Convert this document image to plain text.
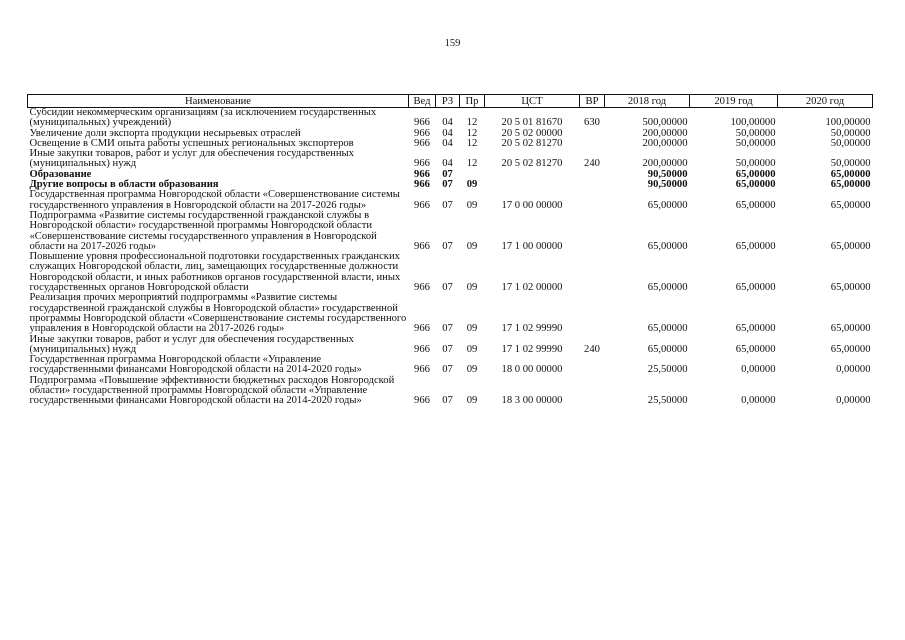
159
Наименование	Вед	РЗ	Пр	ЦСТ	ВР	2018 год	2019 год	2020 год
Субсидии некоммерческим организациям (за исключением государственных (муниципальных) учреждений)	966	04	12	20 5 01 81670	630	500,00000	100,00000	100,00000
Увеличение доли экспорта продукции несырьевых отраслей	966	04	12	20 5 02 00000		200,00000	50,00000	50,00000
Освещение в СМИ опыта работы успешных региональных экспортеров	966	04	12	20 5 02 81270		200,00000	50,00000	50,00000
Иные закупки товаров, работ и услуг для обеспечения государственных (муниципальных) нужд	966	04	12	20 5 02 81270	240	200,00000	50,00000	50,00000
Образование	966	07				90,50000	65,00000	65,00000
Другие вопросы в области образования	966	07	09			90,50000	65,00000	65,00000
Государственная программа Новгородской области «Совершенствование системы государственного управления в Новгородской области на 2017-2026 годы»	966	07	09	17 0 00 00000		65,00000	65,00000	65,00000
Подпрограмма «Развитие системы государственной гражданской службы в Новгородской области» государственной программы Новгородской области «Совершенствование системы государственного управления в Новгородской области на 2017-2026 годы»	966	07	09	17 1 00 00000		65,00000	65,00000	65,00000
Повышение уровня профессиональной подготовки государственных гражданских служащих Новгородской области, лиц, замещающих государственные должности Новгородской области, и иных работников органов государственной власти, иных государственных органов Новгородской области	966	07	09	17 1 02 00000		65,00000	65,00000	65,00000
Реализация прочих мероприятий подпрограммы «Развитие системы государственной гражданской службы в Новгородской области» государственной программы Новгородской области «Совершенствование системы государственного управления в Новгородской области на 2017-2026 годы»	966	07	09	17 1 02 99990		65,00000	65,00000	65,00000
Иные закупки товаров, работ и услуг для обеспечения государственных (муниципальных) нужд	966	07	09	17 1 02 99990	240	65,00000	65,00000	65,00000
Государственная программа Новгородской области «Управление государственными финансами Новгородской области на 2014-2020 годы»	966	07	09	18 0 00 00000		25,50000	0,00000	0,00000
Подпрограмма «Повышение эффективности бюджетных расходов Новгородской области» государственной программы Новгородской области «Управление государственными финансами Новгородской области на 2014-2020 годы»	966	07	09	18 3 00 00000		25,50000	0,00000	0,00000
